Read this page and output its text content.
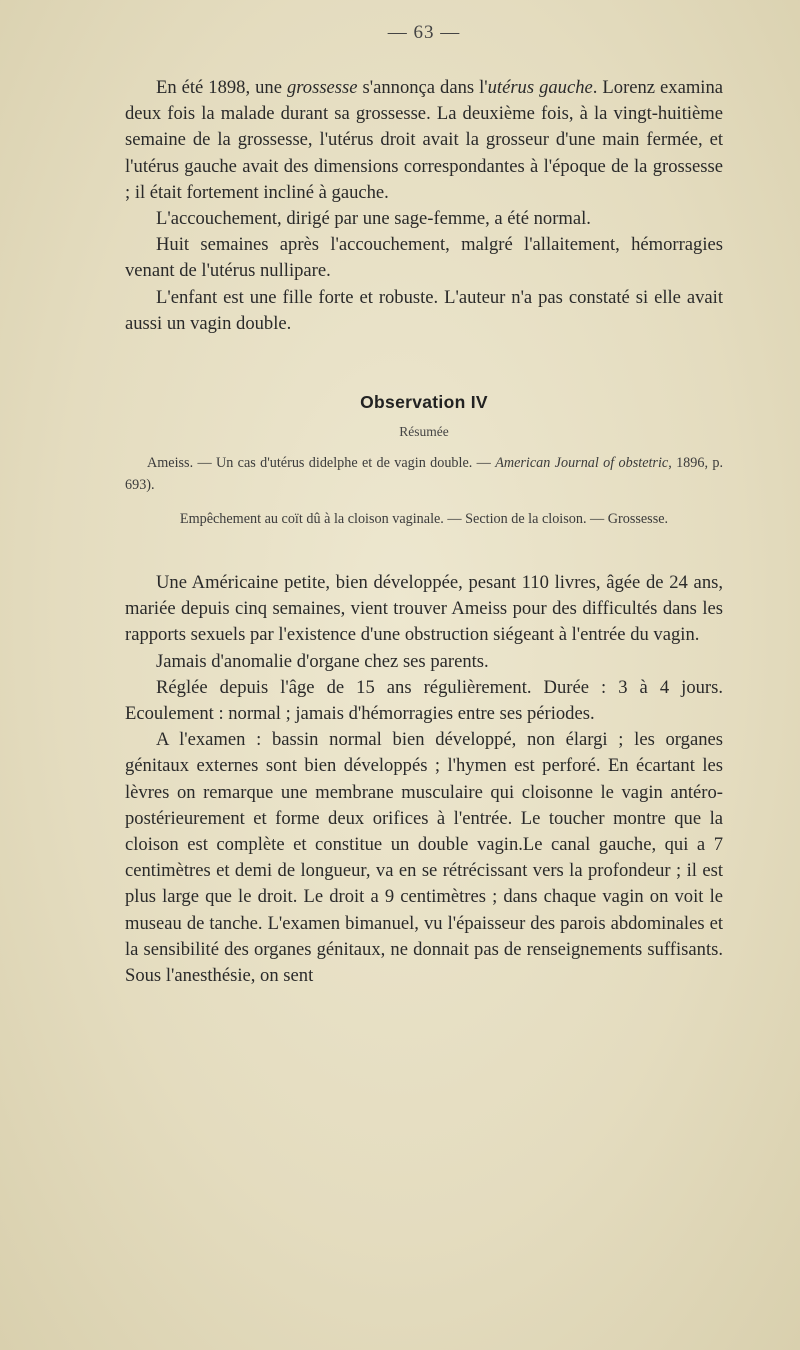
— 63 —

En été 1898, une grossesse s'annonça dans l'utérus gauche. Lorenz examina deux fois la malade durant sa grossesse. La deuxième fois, à la vingt-huitième semaine de la grossesse, l'utérus droit avait la grosseur d'une main fermée, et l'utérus gauche avait des dimensions correspondantes à l'époque de la grossesse ; il était fortement incliné à gauche.

L'accouchement, dirigé par une sage-femme, a été normal.

Huit semaines après l'accouchement, malgré l'allaitement, hémorragies venant de l'utérus nullipare.

L'enfant est une fille forte et robuste. L'auteur n'a pas constaté si elle avait aussi un vagin double.

Observation IV
Résumée

Ameiss. — Un cas d'utérus didelphe et de vagin double. — American Journal of obstetric, 1896, p. 693).

Empêchement au coït dû à la cloison vaginale. — Section de la cloison. — Grossesse.

Une Américaine petite, bien développée, pesant 110 livres, âgée de 24 ans, mariée depuis cinq semaines, vient trouver Ameiss pour des difficultés dans les rapports sexuels par l'existence d'une obstruction siégeant à l'entrée du vagin.

Jamais d'anomalie d'organe chez ses parents.

Réglée depuis l'âge de 15 ans régulièrement. Durée : 3 à 4 jours. Ecoulement : normal ; jamais d'hémorragies entre ses périodes.

A l'examen : bassin normal bien développé, non élargi ; les organes génitaux externes sont bien développés ; l'hymen est perforé. En écartant les lèvres on remarque une membrane musculaire qui cloisonne le vagin antéro-postérieurement et forme deux orifices à l'entrée. Le toucher montre que la cloison est complète et constitue un double vagin.Le canal gauche, qui a 7 centimètres et demi de longueur, va en se rétrécissant vers la profondeur ; il est plus large que le droit. Le droit a 9 centimètres ; dans chaque vagin on voit le museau de tanche. L'examen bimanuel, vu l'épaisseur des parois abdominales et la sensibilité des organes génitaux, ne donnait pas de renseignements suffisants. Sous l'anesthésie, on sent
